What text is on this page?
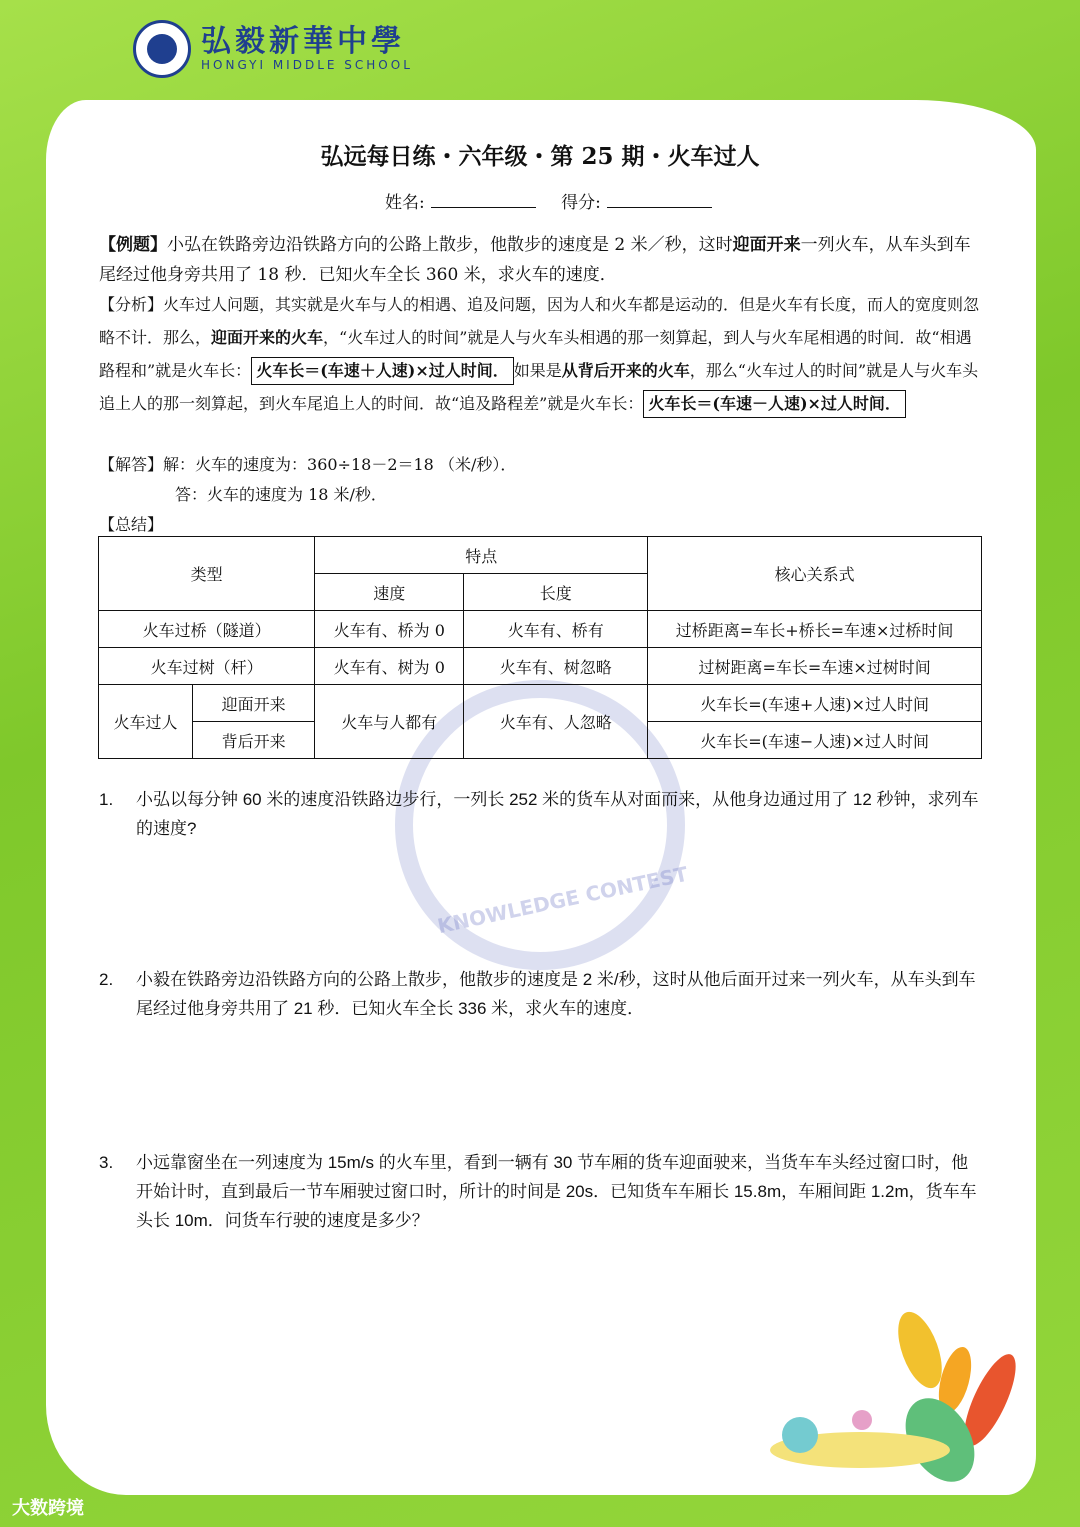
弘毅新華中學
HONGYI MIDDLE SCHOOL
KNOWLEDGE CONTEST
弘远每日练・六年级・第 25 期・火车过人
姓名:	得分:
【例题】小弘在铁路旁边沿铁路方向的公路上散步，他散步的速度是 2 米／秒，这时迎面开来一列火车，从车头到车尾经过他身旁共用了 18 秒．已知火车全长 360 米，求火车的速度．
【分析】火车过人问题，其实就是火车与人的相遇、追及问题，因为人和火车都是运动的．但是火车有长度，而人的宽度则忽略不计．那么，迎面开来的火车，“火车过人的时间”就是人与火车头相遇的那一刻算起，到人与火车尾相遇的时间．故“相遇路程和”就是火车长： 火车长＝(车速＋人速)×过人时间． 如果是从背后开来的火车，那么“火车过人的时间”就是人与火车头追上人的那一刻算起，到火车尾追上人的时间．故“追及路程差”就是火车长： 火车长＝(车速－人速)×过人时间．
【解答】解：火车的速度为：360÷18－2＝18 （米/秒）．
答：火车的速度为 18 米/秒．
【总结】
类型		特点		核心关系式
		速度	长度	
火车过桥（隧道）		火车有、桥为 0	火车有、桥有	过桥距离=车长+桥长=车速×过桥时间
火车过树（杆）		火车有、树为 0	火车有、树忽略	过树距离=车长=车速×过树时间
火车过人	迎面开来	火车与人都有	火车有、人忽略	火车长=(车速+人速)×过人时间
	背后开来			火车长=(车速−人速)×过人时间
1.	小弘以每分钟 60 米的速度沿铁路边步行，一列长 252 米的货车从对面而来，从他身边通过用了 12 秒钟，求列车的速度?
2.	小毅在铁路旁边沿铁路方向的公路上散步，他散步的速度是 2 米/秒，这时从他后面开过来一列火车，从车头到车尾经过他身旁共用了 21 秒．已知火车全长 336 米，求火车的速度．
3.	小远靠窗坐在一列速度为 15m/s 的火车里，看到一辆有 30 节车厢的货车迎面驶来，当货车车头经过窗口时，他开始计时，直到最后一节车厢驶过窗口时，所计的时间是 20s．已知货车车厢长 15.8m，车厢间距 1.2m，货车车头长 10m．问货车行驶的速度是多少？
大数跨境
